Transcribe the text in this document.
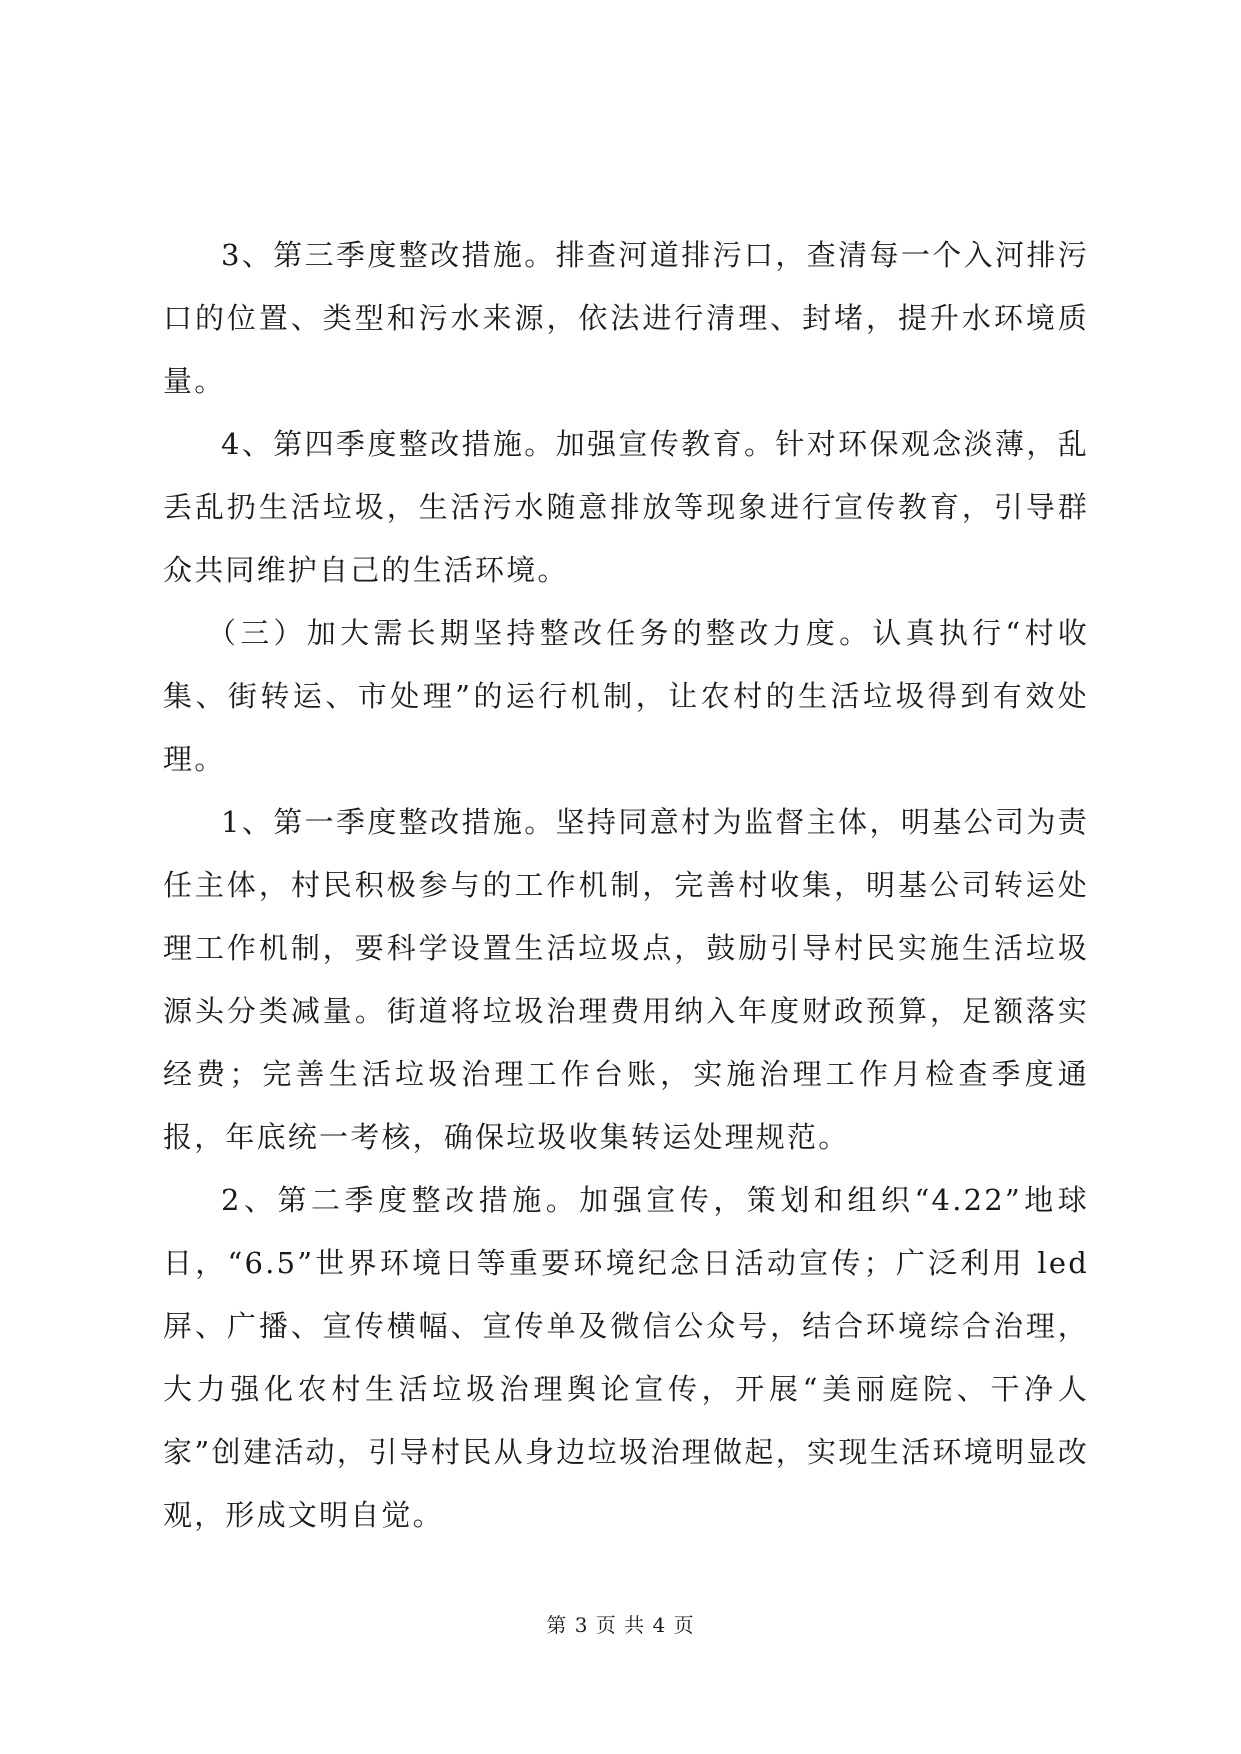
3、第三季度整改措施。排查河道排污口，查清每一个入河排污口的位置、类型和污水来源，依法进行清理、封堵，提升水环境质量。

4、第四季度整改措施。加强宣传教育。针对环保观念淡薄，乱丢乱扔生活垃圾，生活污水随意排放等现象进行宣传教育，引导群众共同维护自己的生活环境。

（三）加大需长期坚持整改任务的整改力度。认真执行“村收集、街转运、市处理”的运行机制，让农村的生活垃圾得到有效处理。

1、第一季度整改措施。坚持同意村为监督主体，明基公司为责任主体，村民积极参与的工作机制，完善村收集，明基公司转运处理工作机制，要科学设置生活垃圾点，鼓励引导村民实施生活垃圾源头分类减量。街道将垃圾治理费用纳入年度财政预算，足额落实经费；完善生活垃圾治理工作台账，实施治理工作月检查季度通报，年底统一考核，确保垃圾收集转运处理规范。

2、第二季度整改措施。加强宣传，策划和组织“4.22”地球日，“6.5”世界环境日等重要环境纪念日活动宣传；广泛利用 led 屏、广播、宣传横幅、宣传单及微信公众号，结合环境综合治理，大力强化农村生活垃圾治理舆论宣传，开展“美丽庭院、干净人家”创建活动，引导村民从身边垃圾治理做起，实现生活环境明显改观，形成文明自觉。

第 3 页 共 4 页
